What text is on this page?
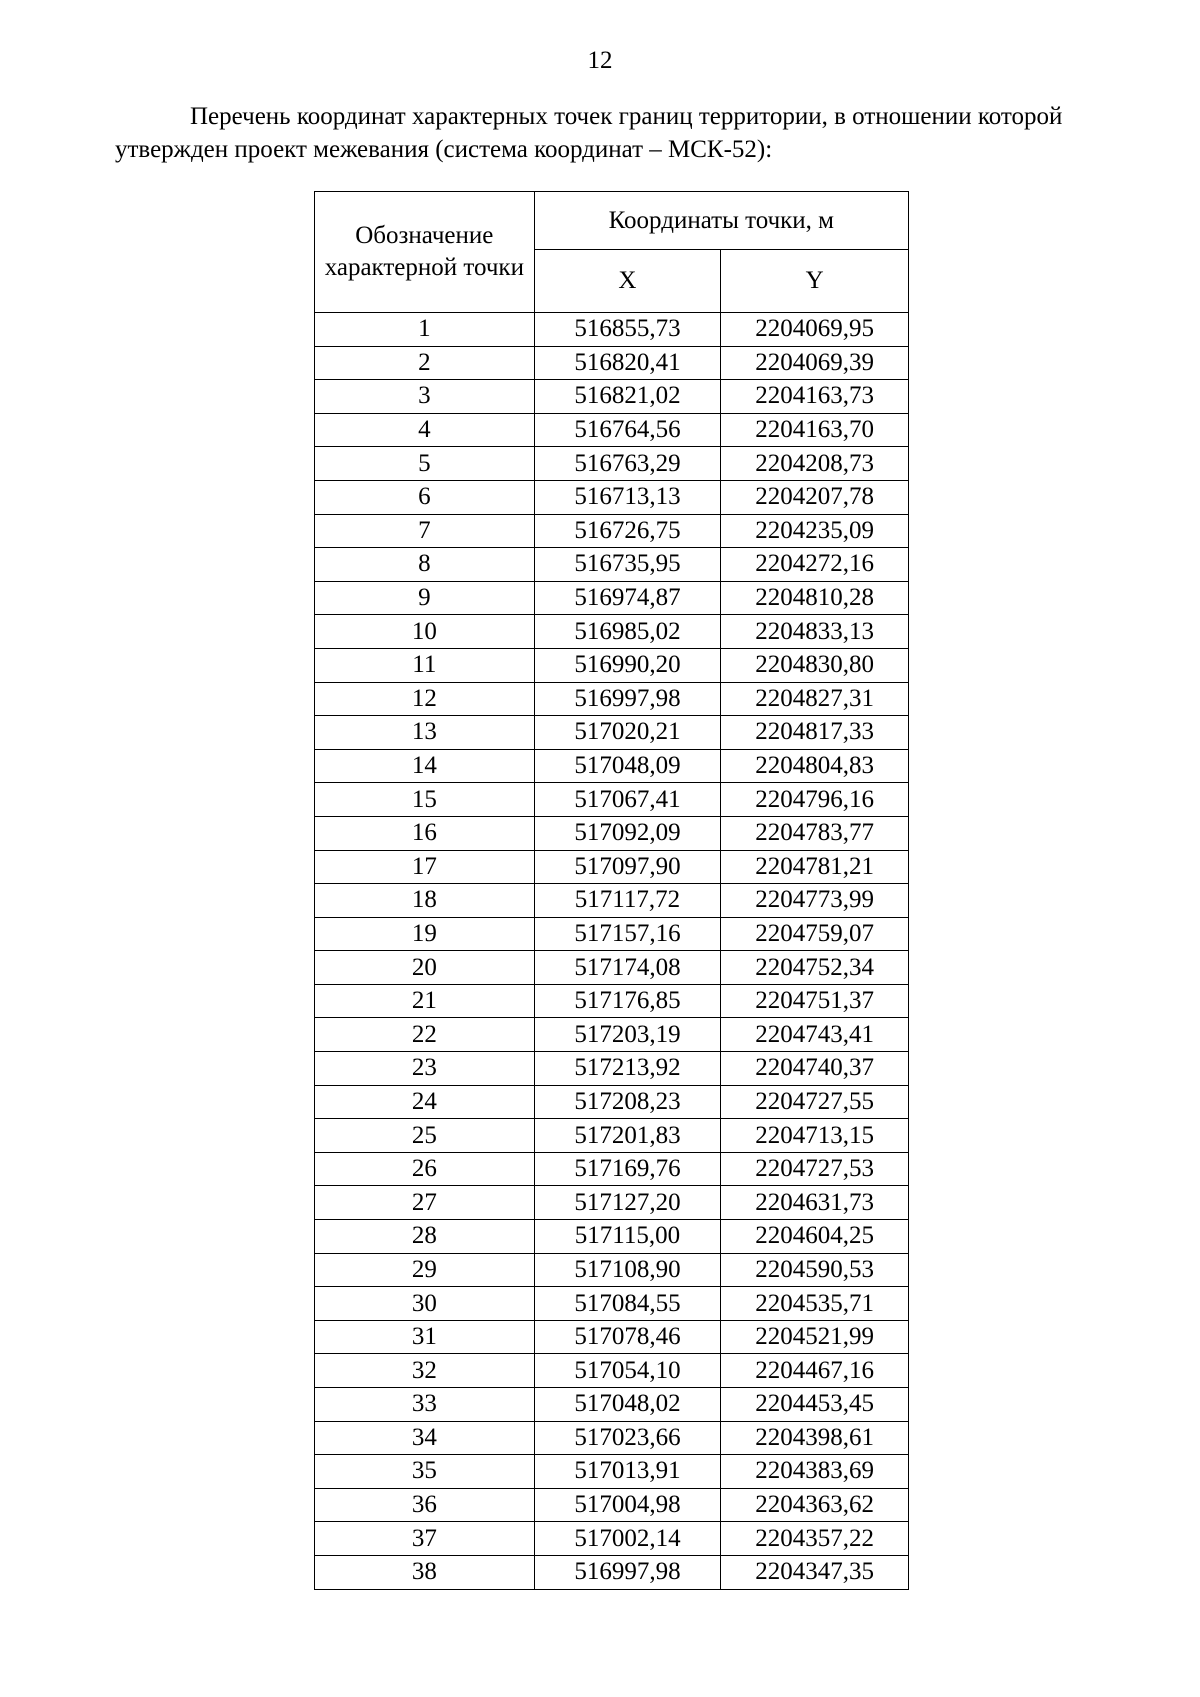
12
Перечень координат характерных точек границ территории, в отношении которой утвержден проект межевания (система координат – МСК-52):
Обозначение характерной точки	Координаты точки, м	
	X	Y
1	516855,73	2204069,95
2	516820,41	2204069,39
3	516821,02	2204163,73
4	516764,56	2204163,70
5	516763,29	2204208,73
6	516713,13	2204207,78
7	516726,75	2204235,09
8	516735,95	2204272,16
9	516974,87	2204810,28
10	516985,02	2204833,13
11	516990,20	2204830,80
12	516997,98	2204827,31
13	517020,21	2204817,33
14	517048,09	2204804,83
15	517067,41	2204796,16
16	517092,09	2204783,77
17	517097,90	2204781,21
18	517117,72	2204773,99
19	517157,16	2204759,07
20	517174,08	2204752,34
21	517176,85	2204751,37
22	517203,19	2204743,41
23	517213,92	2204740,37
24	517208,23	2204727,55
25	517201,83	2204713,15
26	517169,76	2204727,53
27	517127,20	2204631,73
28	517115,00	2204604,25
29	517108,90	2204590,53
30	517084,55	2204535,71
31	517078,46	2204521,99
32	517054,10	2204467,16
33	517048,02	2204453,45
34	517023,66	2204398,61
35	517013,91	2204383,69
36	517004,98	2204363,62
37	517002,14	2204357,22
38	516997,98	2204347,35
